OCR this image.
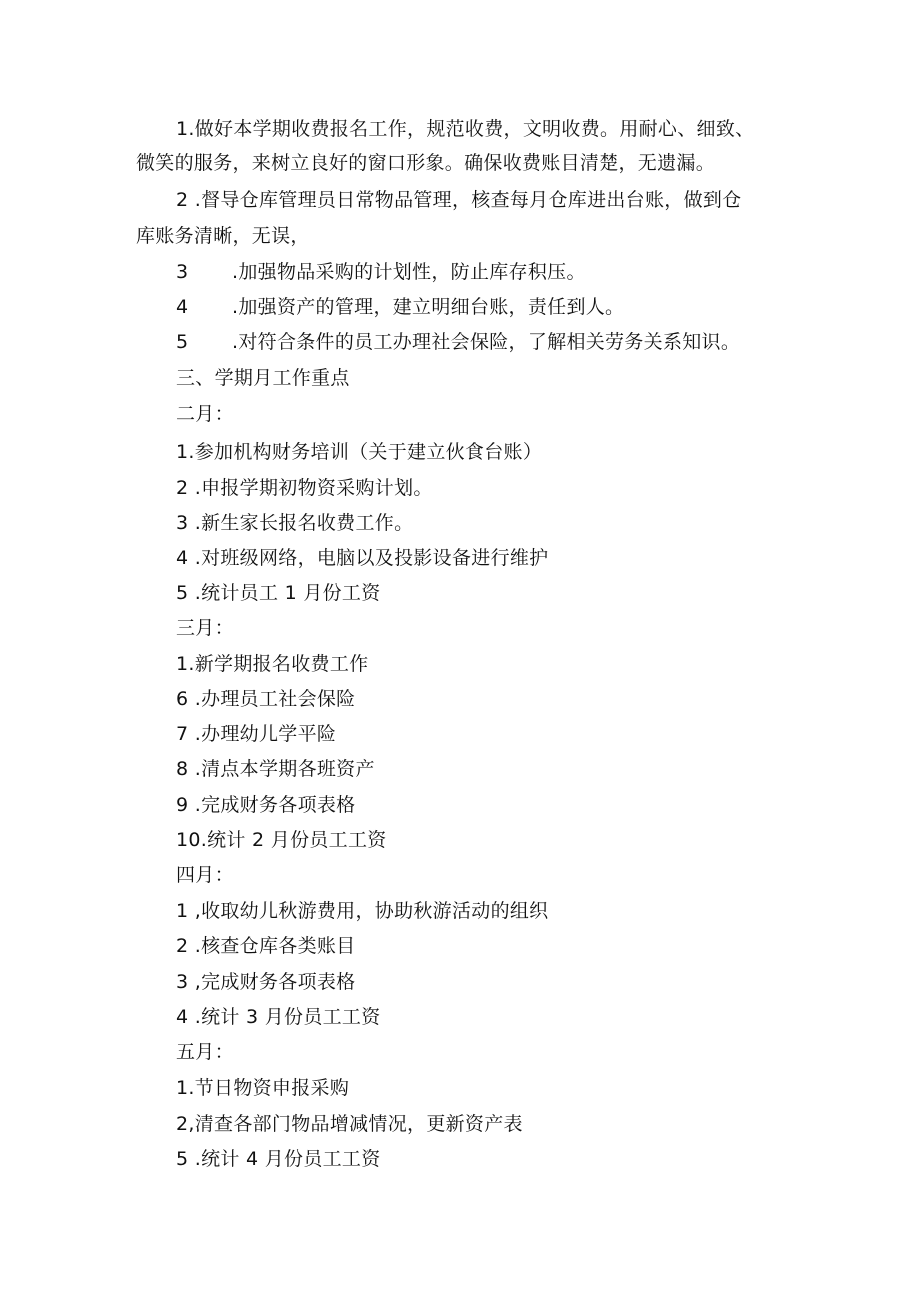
1.做好本学期收费报名工作，规范收费，文明收费。用耐心、细致、
微笑的服务，来树立良好的窗口形象。确保收费账目清楚，无遗漏。
2 .督导仓库管理员日常物品管理，核查每月仓库进出台账，做到仓
库账务清晰，无误，
3 .加强物品采购的计划性，防止库存积压。
4 .加强资产的管理，建立明细台账，责任到人。
5 .对符合条件的员工办理社会保险，了解相关劳务关系知识。
三、学期月工作重点
二月：
1.参加机构财务培训（关于建立伙食台账）
2 .申报学期初物资采购计划。
3 .新生家长报名收费工作。
4 .对班级网络，电脑以及投影设备进行维护
5 .统计员工 1 月份工资
三月：
1.新学期报名收费工作
6 .办理员工社会保险
7 .办理幼儿学平险
8 .清点本学期各班资产
9 .完成财务各项表格
10.统计 2 月份员工工资
四月：
1 ,收取幼儿秋游费用，协助秋游活动的组织
2 .核查仓库各类账目
3 ,完成财务各项表格
4 .统计 3 月份员工工资
五月：
1.节日物资申报采购
2,清查各部门物品增减情况，更新资产表
5 .统计 4 月份员工工资
